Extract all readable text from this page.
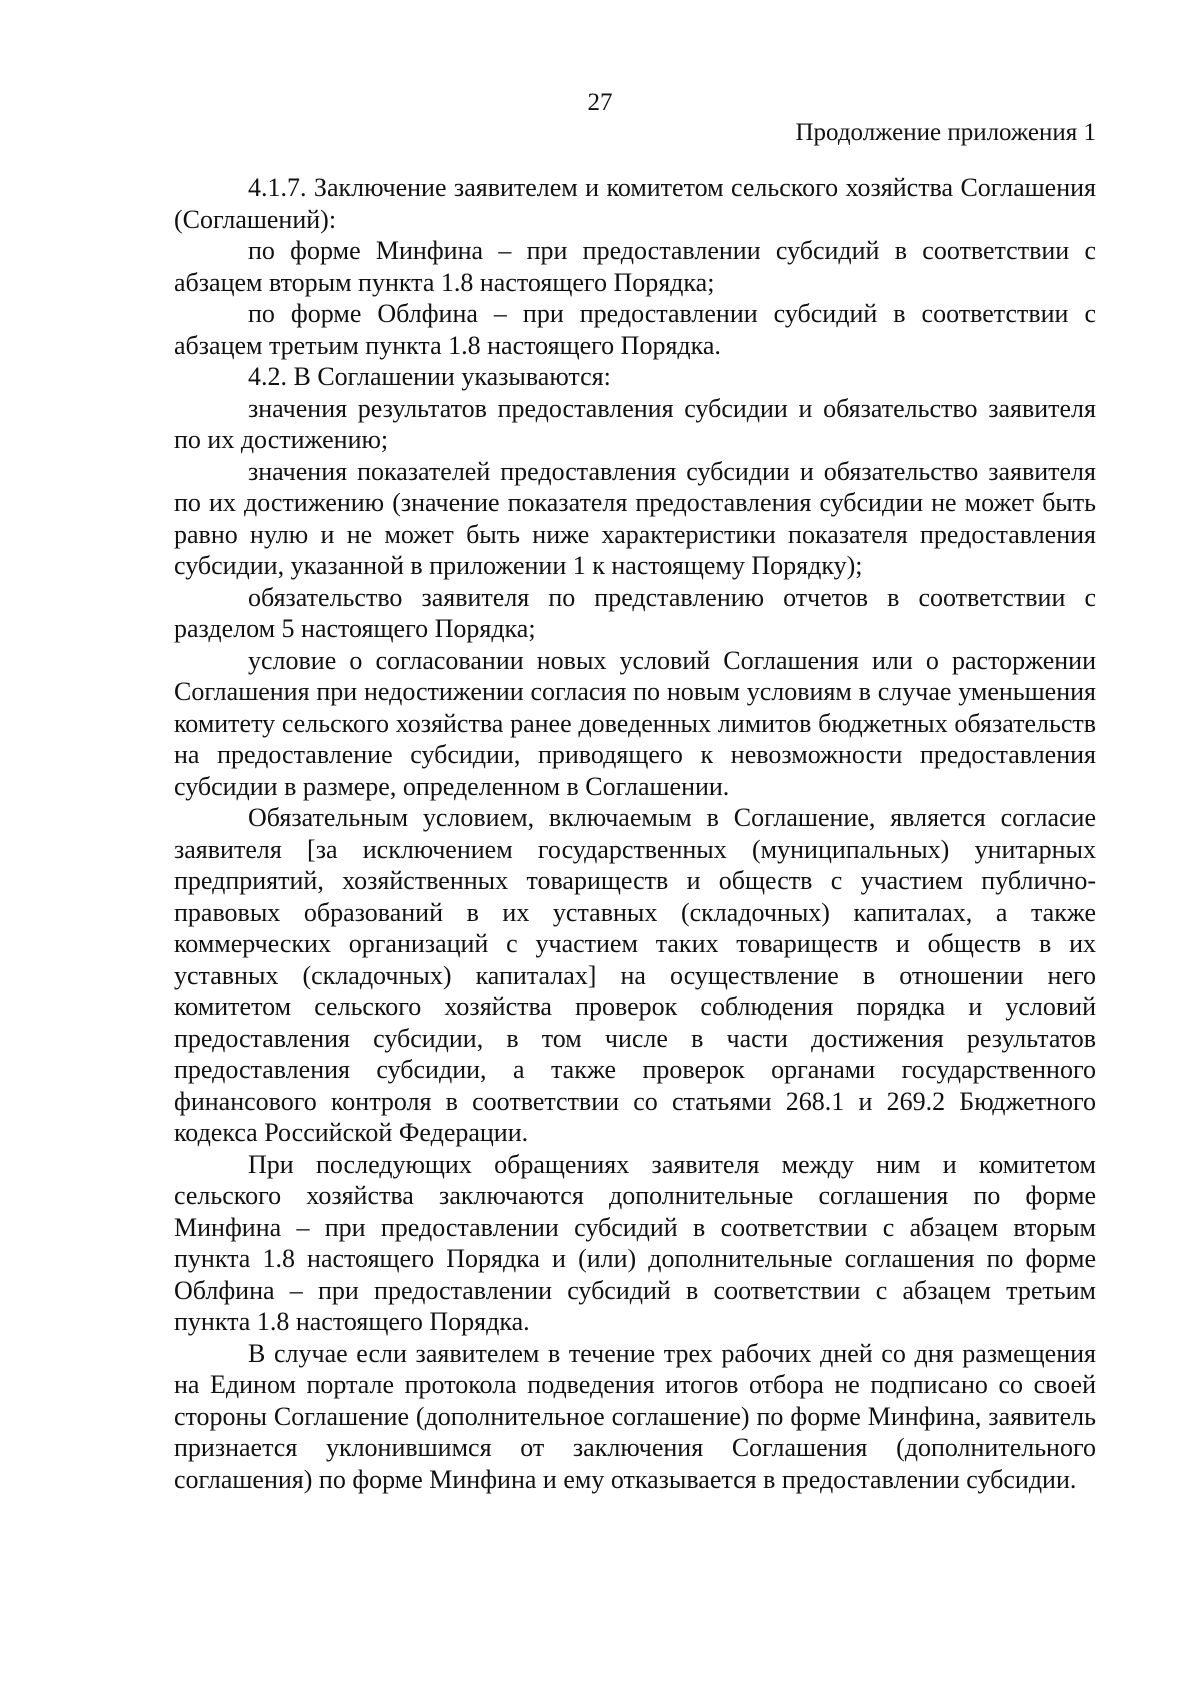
27
Продолжение приложения 1

4.1.7. Заключение заявителем и комитетом сельского хозяйства Соглашения (Соглашений):

по форме Минфина – при предоставлении субсидий в соответствии с абзацем вторым пункта 1.8 настоящего Порядка;

по форме Облфина – при предоставлении субсидий в соответствии с абзацем третьим пункта 1.8 настоящего Порядка.

4.2. В Соглашении указываются:

значения результатов предоставления субсидии и обязательство заявителя по их достижению;

значения показателей предоставления субсидии и обязательство заявителя по их достижению (значение показателя предоставления субсидии не может быть равно нулю и не может быть ниже характеристики показателя предоставления субсидии, указанной в приложении 1 к настоящему Порядку);

обязательство заявителя по представлению отчетов в соответствии с разделом 5 настоящего Порядка;

условие о согласовании новых условий Соглашения или о расторжении Соглашения при недостижении согласия по новым условиям в случае уменьшения комитету сельского хозяйства ранее доведенных лимитов бюджетных обязательств на предоставление субсидии, приводящего к невозможности предоставления субсидии в размере, определенном в Соглашении.

Обязательным условием, включаемым в Соглашение, является согласие заявителя [за исключением государственных (муниципальных) унитарных предприятий, хозяйственных товариществ и обществ с участием публично-правовых образований в их уставных (складочных) капиталах, а также коммерческих организаций с участием таких товариществ и обществ в их уставных (складочных) капиталах] на осуществление в отношении него комитетом сельского хозяйства проверок соблюдения порядка и условий предоставления субсидии, в том числе в части достижения результатов предоставления субсидии, а также проверок органами государственного финансового контроля в соответствии со статьями 268.1 и 269.2 Бюджетного кодекса Российской Федерации.

При последующих обращениях заявителя между ним и комитетом сельского хозяйства заключаются дополнительные соглашения по форме Минфина – при предоставлении субсидий в соответствии с абзацем вторым пункта 1.8 настоящего Порядка и (или) дополнительные соглашения по форме Облфина – при предоставлении субсидий в соответствии с абзацем третьим пункта 1.8 настоящего Порядка.

В случае если заявителем в течение трех рабочих дней со дня размещения на Едином портале протокола подведения итогов отбора не подписано со своей стороны Соглашение (дополнительное соглашение) по форме Минфина, заявитель признается уклонившимся от заключения Соглашения (дополнительного соглашения) по форме Минфина и ему отказывается в предоставлении субсидии.
